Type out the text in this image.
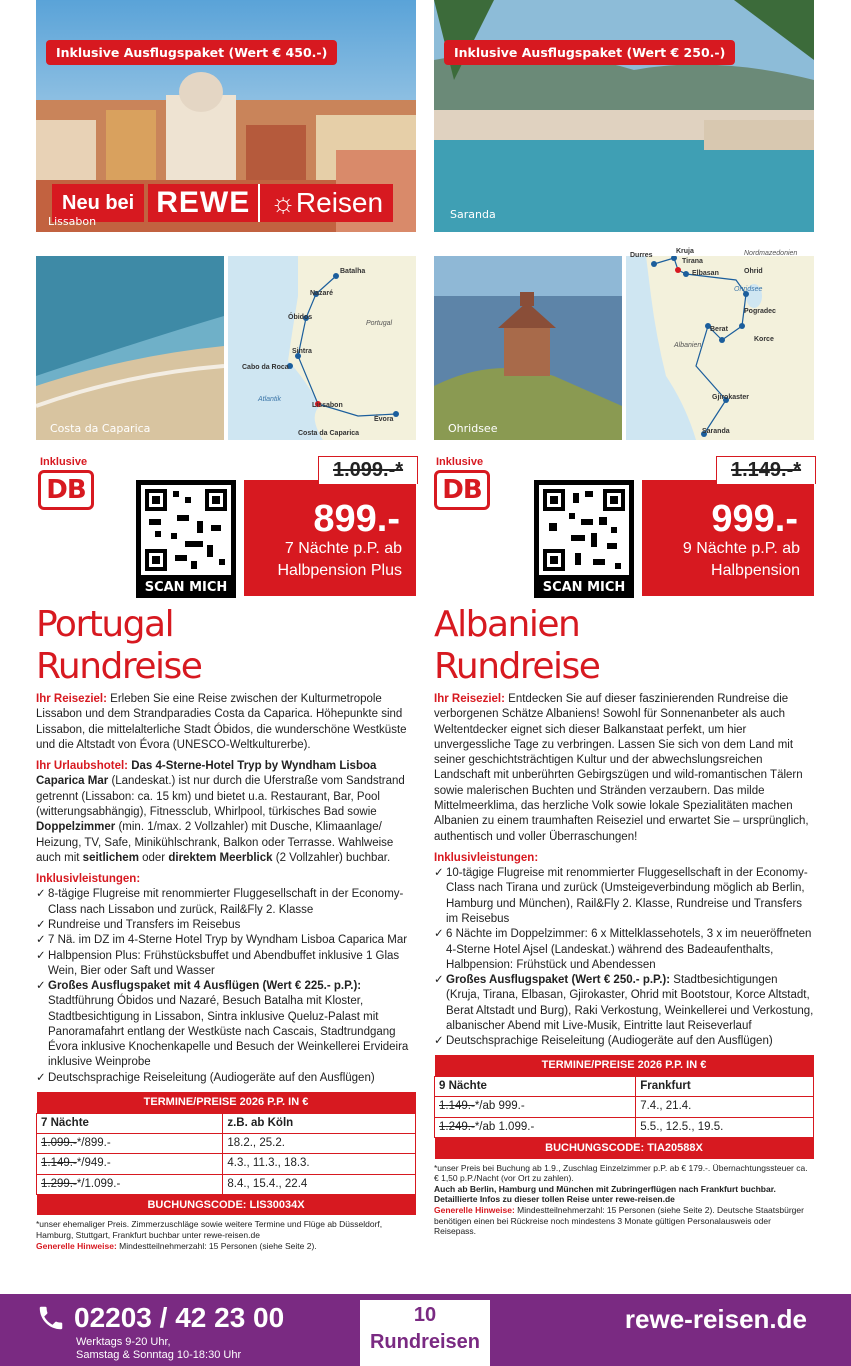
Inklusive Ausflugspaket (Wert € 450.-)
Neu bei REWE ☼ Reisen
Costa da Caparica
Batalha
Nazaré
Óbidos
Sintra
Cabo da Roca
Lissabon
Évora
Costa da Caparica
Portugal
Atlantik
Inklusive
DB
SCAN MICH
899.-
7 Nächte p.P. ab
Halbpension Plus
1.099.-*
Portugal
Rundreise

Ihr Reiseziel: Erleben Sie eine Reise zwischen der Kulturmetropole Lissabon und dem Strandparadies Costa da Caparica. Höhepunkte sind Lissabon, die mittelalterliche Stadt Óbidos, die wunderschöne Westküste und die Altstadt von Évora (UNESCO-Weltkulturerbe).

Ihr Urlaubshotel: Das 4-Sterne-Hotel Tryp by Wyndham Lisboa Caparica Mar (Landeskat.) ist nur durch die Uferstraße vom Sandstrand getrennt (Lissabon: ca. 15 km) und bietet u.a. Restaurant, Bar, Pool (witterungsabhängig), Fitnessclub, Whirlpool, türkisches Bad sowie Doppelzimmer (min. 1/max. 2 Vollzahler) mit Dusche, Klimaanlage/ Heizung, TV, Safe, Minikühlschrank, Balkon oder Terrasse. Wahlweise auch mit seitlichem oder direktem Meerblick (2 Vollzahler) buchbar.

Inklusivleistungen:
✓ 8-tägige Flugreise mit renommierter Fluggesellschaft in der Economy-Class nach Lissabon und zurück, Rail&Fly 2. Klasse
✓ Rundreise und Transfers im Reisebus
✓ 7 Nä. im DZ im 4-Sterne Hotel Tryp by Wyndham Lisboa Caparica Mar
✓ Halbpension Plus: Frühstücksbuffet und Abendbuffet inklusive 1 Glas Wein, Bier oder Saft und Wasser
✓ Großes Ausflugspaket mit 4 Ausflügen (Wert € 225.- p.P.): Stadtführung Óbidos und Nazaré, Besuch Batalha mit Kloster, Stadtbesichtigung in Lissabon, Sintra inklusive Queluz-Palast mit Panoramafahrt entlang der Westküste nach Cascais, Stadtrundgang Évora inklusive Knochenkapelle und Besuch der Weinkellerei Ervideira inklusive Weinprobe
✓ Deutschsprachige Reiseleitung (Audiogeräte auf den Ausflügen)
TERMINE/PREISE 2026 P.P. IN €	
7 Nächte	z.B. ab Köln
1.099.-*/899.-	18.2., 25.2.
1.149.-*/949.-	4.3., 11.3., 18.3.
1.299.-*/1.099.-	8.4., 15.4., 22.4
BUCHUNGSCODE: LIS30034X	
*unser ehemaliger Preis. Zimmerzuschläge sowie weitere Termine und Flüge ab Düsseldorf, Hamburg, Stuttgart, Frankfurt buchbar unter rewe-reisen.de
Generelle Hinweise: Mindestteilnehmerzahl: 15 Personen (siehe Seite 2).
Inklusive Ausflugspaket (Wert € 250.-)
Saranda
Ohridsee
Durres
Kruja
Tirana
Elbasan	Ohrid
Pogradec
Berat
Korce
Gjirokaster
Saranda
Albanien
Nordmazedonien
Ohridsee
Inklusive
DB
SCAN MICH
999.-
9 Nächte p.P. ab
Halbpension
1.149.-*
Albanien
Rundreise

Ihr Reiseziel: Entdecken Sie auf dieser faszinierenden Rundreise die verborgenen Schätze Albaniens! Sowohl für Sonnenanbeter als auch Weltentdecker eignet sich dieser Balkanstaat perfekt, um hier unvergessliche Tage zu verbringen. Lassen Sie sich von dem Land mit seiner geschichtsträchtigen Kultur und der abwechslungsreichen Landschaft mit unberührten Gebirgszügen und wild-romantischen Tälern sowie malerischen Buchten und Stränden verzaubern. Das milde Mittelmeerklima, das herzliche Volk sowie lokale Spezialitäten machen Albanien zu einem traumhaften Reiseziel und erwartet Sie – ursprünglich, authentisch und voller Überraschungen!

Inklusivleistungen:
✓ 10-tägige Flugreise mit renommierter Fluggesellschaft in der Economy-Class nach Tirana und zurück (Umsteigeverbindung möglich ab Berlin, Hamburg und München), Rail&Fly 2. Klasse, Rundreise und Transfers im Reisebus
✓ 6 Nächte im Doppelzimmer: 6 x Mittelklassehotels, 3 x im neueröffneten 4-Sterne Hotel Ajsel (Landeskat.) während des Badeaufenthalts, Halbpension: Frühstück und Abendessen
✓ Großes Ausflugspaket (Wert € 250.- p.P.): Stadtbesichtigungen (Kruja, Tirana, Elbasan, Gjirokaster, Ohrid mit Bootstour, Korce Altstadt, Berat Altstadt und Burg), Raki Verkostung, Weinkellerei und Verkostung, albanischer Abend mit Live-Musik, Eintritte laut Reiseverlauf
✓ Deutschsprachige Reiseleitung (Audiogeräte auf den Ausflügen)
TERMINE/PREISE 2026 P.P. IN €	
9 Nächte	Frankfurt
1.149.-*/ab 999.-	7.4., 21.4.
1.249.-*/ab 1.099.-	5.5., 12.5., 19.5.
BUCHUNGSCODE: TIA20588X	
*unser Preis bei Buchung ab 1.9., Zuschlag Einzelzimmer p.P. ab € 179.-. Übernachtungssteuer ca. € 1,50 p.P./Nacht (vor Ort zu zahlen).
Auch ab Berlin, Hamburg und München mit Zubringerflügen nach Frankfurt buchbar. Detaillierte Infos zu dieser tollen Reise unter rewe-reisen.de
Generelle Hinweise: Mindestteilnehmerzahl: 15 Personen (siehe Seite 2). Deutsche Staatsbürger benötigen einen bei Rückreise noch mindestens 3 Monate gültigen Personalausweis oder Reisepass.
02203 / 42 23 00
Werktags 9-20 Uhr,
Samstag & Sonntag 10-18:30 Uhr
10
Rundreisen
rewe-reisen.de
